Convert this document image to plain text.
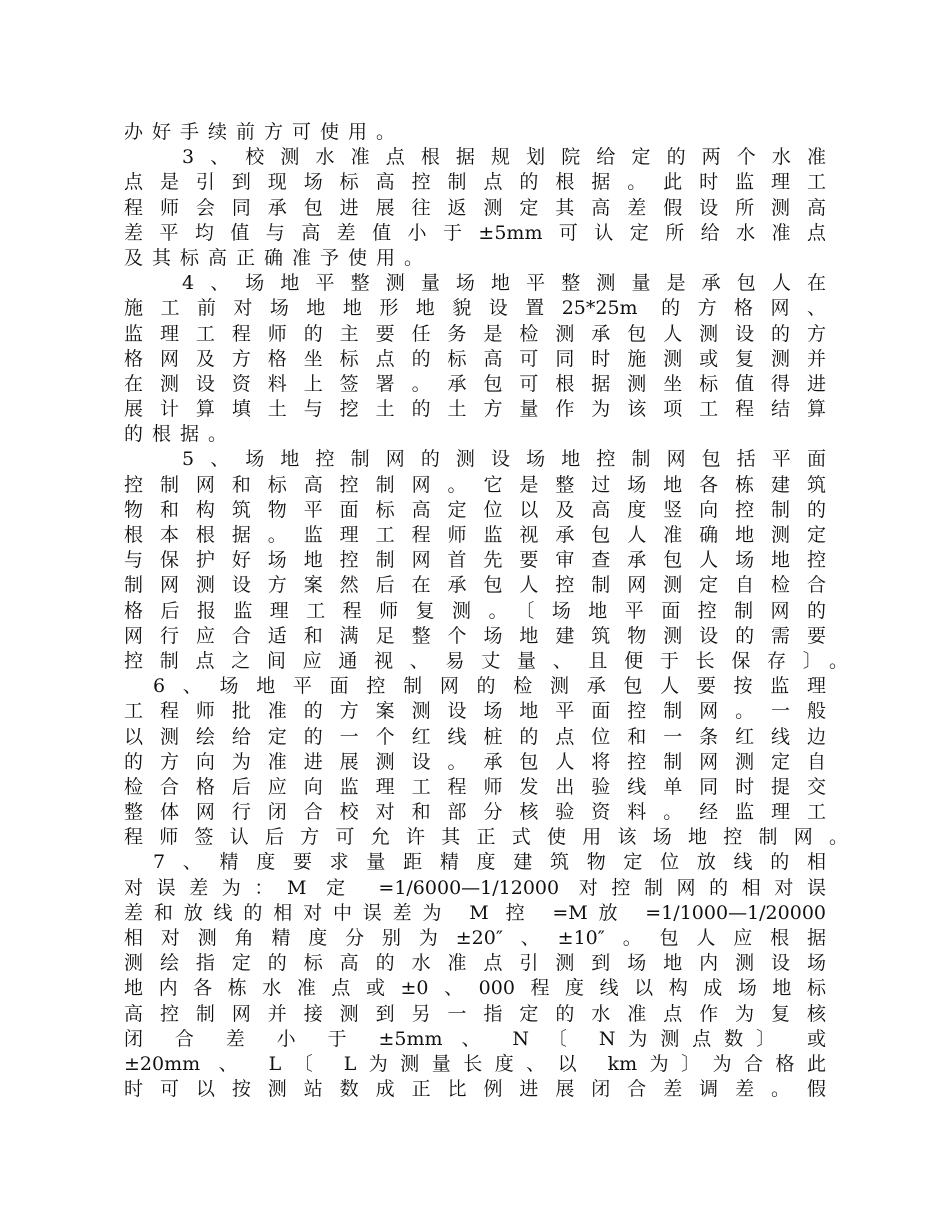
办好手续前方可使用。
3、校测水准点根据规划院给定的两个水准
点是引到现场标高控制点的根据。此时监理工
程师会同承包进展往返测定其高差假设所测高
差平均值与高差值小于±5mm可认定所给水准点
及其标高正确准予使用。
4、场地平整测量场地平整测量是承包人在
施工前对场地地形地貌设置25*25m 的方格网、
监理工程师的主要任务是检测承包人测设的方
格网及方格坐标点的标高可同时施测或复测并
在测设资料上签署。承包可根据测坐标值得进
展计算填土与挖土的土方量作为该项工程结算
的根据。
5、场地控制网的测设场地控制网包括平面
控制网和标高控制网。它是整过场地各栋建筑
物和构筑物平面标高定位以及高度竖向控制的
根本根据。监理工程师监视承包人准确地测定
与保护好场地控制网首先要审查承包人场地控
制网测设方案然后在承包人控制网测定自检合
格后报监理工程师复测。〔场地平面控制网的
网行应合适和满足整个场地建筑物测设的需要
控制点之间应通视、易丈量、且便于长保存〕。
6、场地平面控制网的检测承包人要按监理
工程师批准的方案测设场地平面控制网。一般
以测绘给定的一个红线桩的点位和一条红线边
的方向为准进展测设。承包人将控制网测定自
检合格后应向监理工程师发出验线单同时提交
整体网行闭合校对和部分核验资料。经监理工
程师签认后方可允许其正式使用该场地控制网。
7、精度要求量距精度建筑物定位放线的相
对误差为：M 定 =1/6000—1/12000 对控制网的相对误
差和放线的相对中误差为 M 控 =M放 =1/1000—1/20000
相对测角精度分别为±20″、±10″。包人应根据
测绘指定的标高的水准点引测到场地内测设场
地内各栋水准点或±0、000程度线以构成场地标
高控制网并接测到另一指定的水准点作为复核
闭 合 差 小 于 ±5mm 、 N 〔 N为测点数〕 或
±20mm 、 L〔 L为测量长度、以 km为〕为合格此
时可以按测站数成正比例进展闭合差调差。假
